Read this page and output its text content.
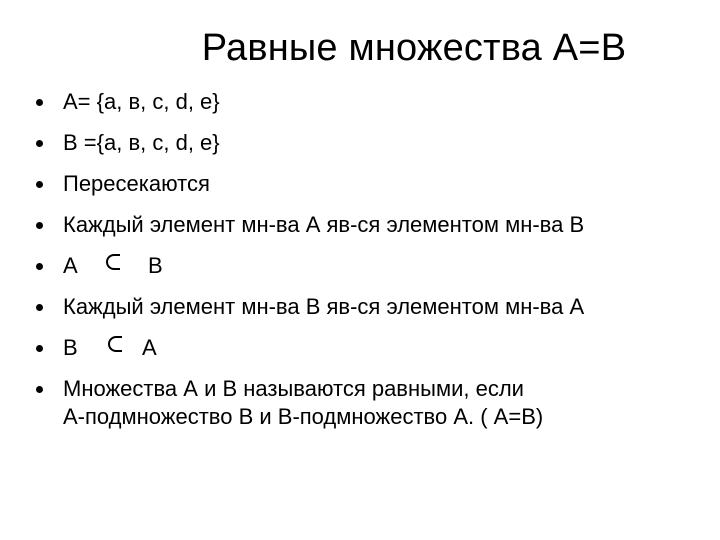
Равные множества А=В
А= {а, в, с, d, е}
В ={а, в, с, d, е}
Пересекаются
Каждый элемент мн-ва А яв-ся элементом мн-ва В
А	В
Каждый элемент мн-ва В яв-ся элементом мн-ва А
В	А
Множества А и В называются равными, если
А-подмножество В и В-подмножество А. ( А=В)
